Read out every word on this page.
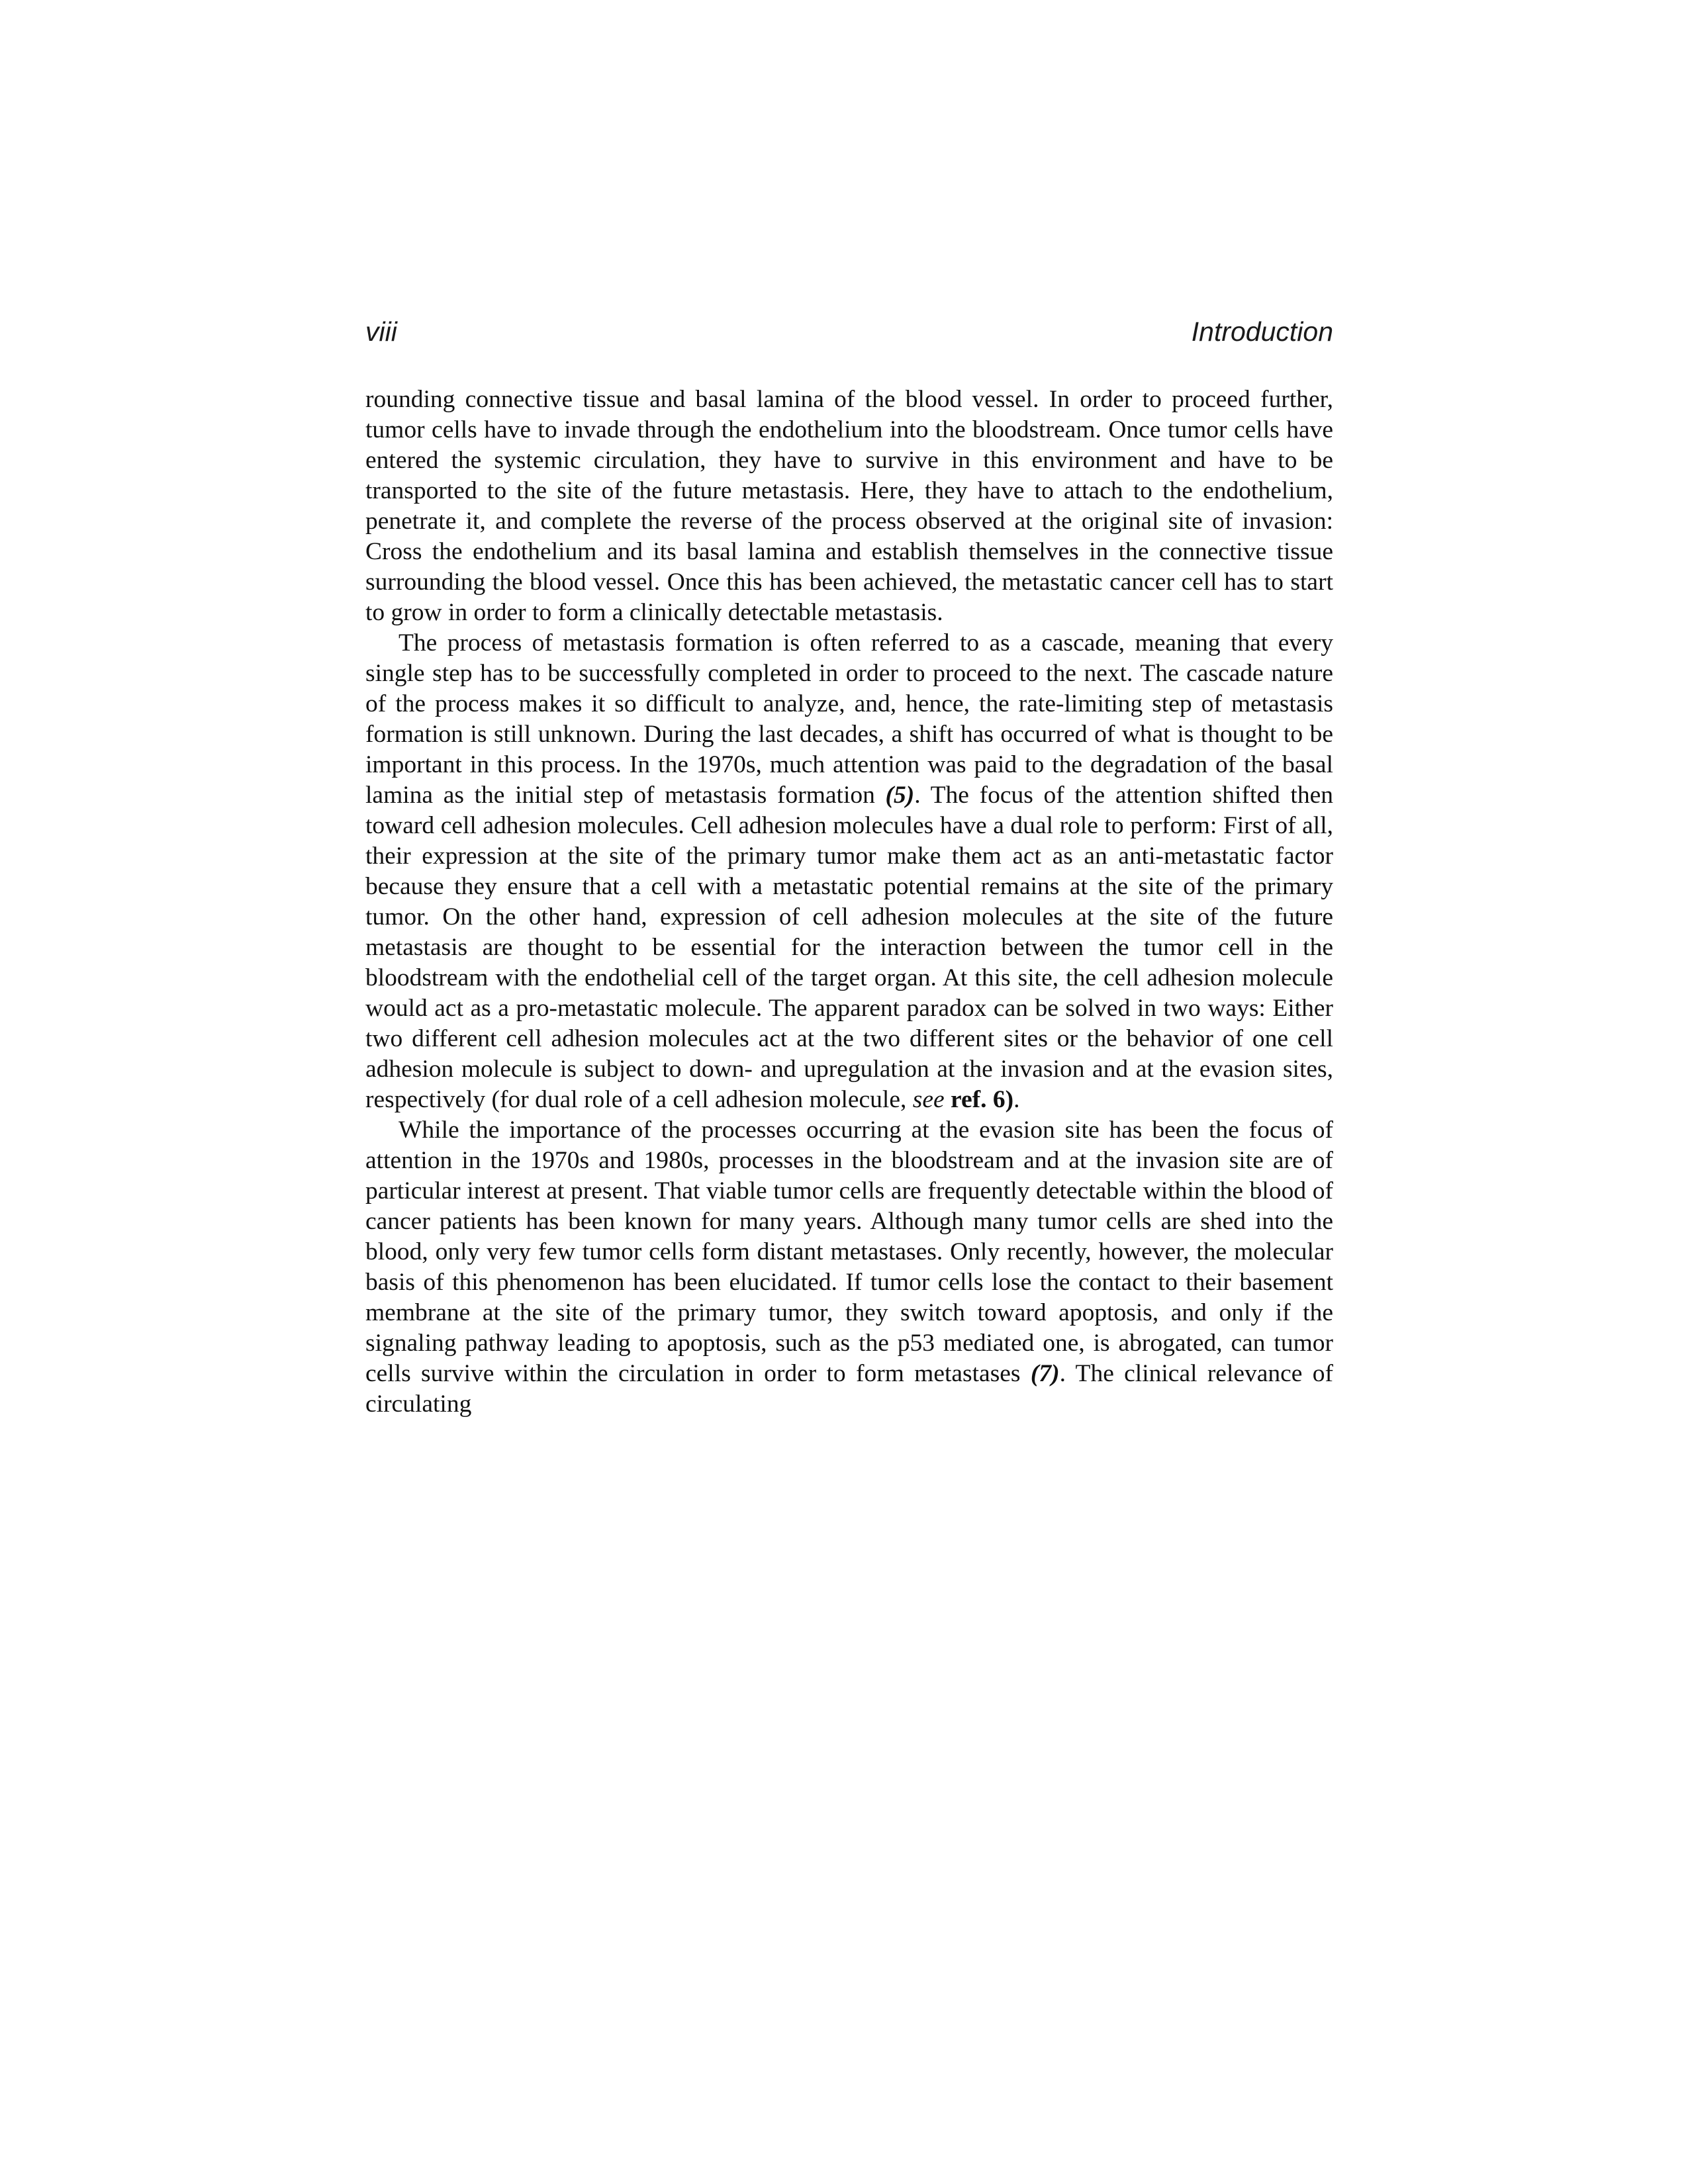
viii	Introduction

rounding connective tissue and basal lamina of the blood vessel. In order to proceed further, tumor cells have to invade through the endothelium into the bloodstream. Once tumor cells have entered the systemic circulation, they have to survive in this environment and have to be transported to the site of the future metastasis. Here, they have to attach to the endothelium, penetrate it, and complete the reverse of the process observed at the original site of invasion: Cross the endothelium and its basal lamina and establish themselves in the connective tissue surrounding the blood vessel. Once this has been achieved, the metastatic cancer cell has to start to grow in order to form a clinically detectable metastasis.

The process of metastasis formation is often referred to as a cascade, meaning that every single step has to be successfully completed in order to proceed to the next. The cascade nature of the process makes it so difficult to analyze, and, hence, the rate-limiting step of metastasis formation is still unknown. During the last decades, a shift has occurred of what is thought to be important in this process. In the 1970s, much attention was paid to the degradation of the basal lamina as the initial step of metastasis formation (5). The focus of the attention shifted then toward cell adhesion molecules. Cell adhesion molecules have a dual role to perform: First of all, their expression at the site of the primary tumor make them act as an anti-metastatic factor because they ensure that a cell with a metastatic potential remains at the site of the primary tumor. On the other hand, expression of cell adhesion molecules at the site of the future metastasis are thought to be essential for the interaction between the tumor cell in the bloodstream with the endothelial cell of the target organ. At this site, the cell adhesion molecule would act as a pro-metastatic molecule. The apparent paradox can be solved in two ways: Either two different cell adhesion molecules act at the two different sites or the behavior of one cell adhesion molecule is subject to down- and upregulation at the invasion and at the evasion sites, respectively (for dual role of a cell adhesion molecule, see ref. 6).

While the importance of the processes occurring at the evasion site has been the focus of attention in the 1970s and 1980s, processes in the bloodstream and at the invasion site are of particular interest at present. That viable tumor cells are frequently detectable within the blood of cancer patients has been known for many years. Although many tumor cells are shed into the blood, only very few tumor cells form distant metastases. Only recently, however, the molecular basis of this phenomenon has been elucidated. If tumor cells lose the contact to their basement membrane at the site of the primary tumor, they switch toward apoptosis, and only if the signaling pathway leading to apoptosis, such as the p53 mediated one, is abrogated, can tumor cells survive within the circulation in order to form metastases (7). The clinical relevance of circulating
